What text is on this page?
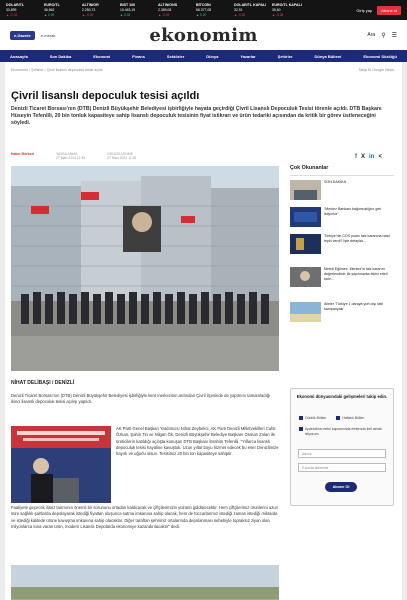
DOLAR/TL
33,899
▲ -0,02
EURO/TL
36,662
▲ 0,09
ALTIN/GR
2.250,73
▲ -0,02
BIST 100
10.463,19
▲ 0,03
ALTIN/ONS
2.389,08
▲ -0,02
BİTCOİN
68.377,08
▲ 0,20
DOLAR/TL KAPALI
32,91
▲ -0,52
EURO/TL KAPALI
35,60
▲ -0,28
Giriş yap	Abone ol
e-Gazete	e-merak	ekonomim	Ara ⚲ ☰
Anasayfa	Son Dakika	Ekonomi	Finans	Sektörler	Dünya	Yazarlar	Şehirler	Dünya Bülteni	Ekonomi Sözlüğü
Ekonomim › Şehirler › Çivril lisanslı depoculuk tesisi açıldı	Takip Et Google News
Çivril lisanslı depoculuk tesisi açıldı

Denizli Ticaret Borsası’nın (DTB) Denizli Büyükşehir Belediyesi işbirliğiyle hayata geçirdiği Çivril Lisanslı Depoculuk Tesisi törenle açıldı. DTB Başkanı Hüseyin Tefenlili, 20 bin tonluk kapasiteye sahip lisanslı depoculuk tesisinin fiyat istikrarı ve ürün tedariki açısından da kritik bir görev üstleneceğini söyledi.

Haber Merkezi	YAYINLANMA
27 Mart 2024 11:35
GÜNCELLENME
27 Mart 2024 11:35	f X in <
NİHAT DELİBAŞI / DENİZLİ

Denizli Ticaret Borsası’nın (DTB) Denizli Büyükşehir Belediyesi işbirliğiyle kent merkezinin ardından Çivril ilçesinde de yapımını tamamladığı ikinci lisanslı depoculuk tesisi açılışı yapıldı.

AK Parti Genel Başkan Yardımcısı Nihat Zeybekci, AK Parti Denizli Milletvekilleri Cahit Özkan, Şahin Tin ve Nilgün Ök, Denizli Büyükşehir Belediye Başkanı Osman Zolan ile üreticilerin katıldığı açılışta konuşan DTB Başkanı İbrahim Tefenlili, “Yıllarca lisanslı depoculuk tesisi hayaline kavuştuk. Uzun yıllar boyu hizmet edecek bu eser Denizlimize hayırlı ve uğurlu olsun. Tesisimiz 20 bin ton kapasiteye sahiptir.

Faaliyete geçecek ilimiz tarımının önemli bir sorununu ortadan kaldıracak ve çiftçilerimizin yüzünü güldürecektir. Hem çiftçilerimiz ürünlerini uzun süre sağlıklı şartlarda depolayarak istediği fiyattan oluşunca satma imkanına sahip olacak, hem de tüccarlarımız istediği zaman istediği miktarda ve istediği kalitede ürüne kavuşma imkanına sahip olacaklar. Diğer taraftan şehrimiz ortalarında depolanması sebebiyle topraksız ziyan olan milyonlarca tona varan ürün, modern Lisanslı Depolarda ekonomiye kazandırılacaktır” dedi.

Çok Okunanlar
SON DAKİKA
“Merkez Bankası bağımsızlığını geri istiyoruz”
Türkiye’nin CDS puanı faiz karanına nasıl tepki verdi? İşte detaylar...
Mehdi Eğilmez, Merkez’in faiz kararını değerlendirdi: İlk yapılmazsa etkisi erteli kalır...
Aileler ‘Türkiye 1 daraya yurt dışı tatil kampanyası’
Ekonomi dünyasındaki gelişmeleri takip edin.
Günlük Bülten	Haftalık Bülten
Aydınlatma metni kapsamında elektronik ileti almak istiyorum.
Adınız
E-posta adresiniz
Abone Ol
